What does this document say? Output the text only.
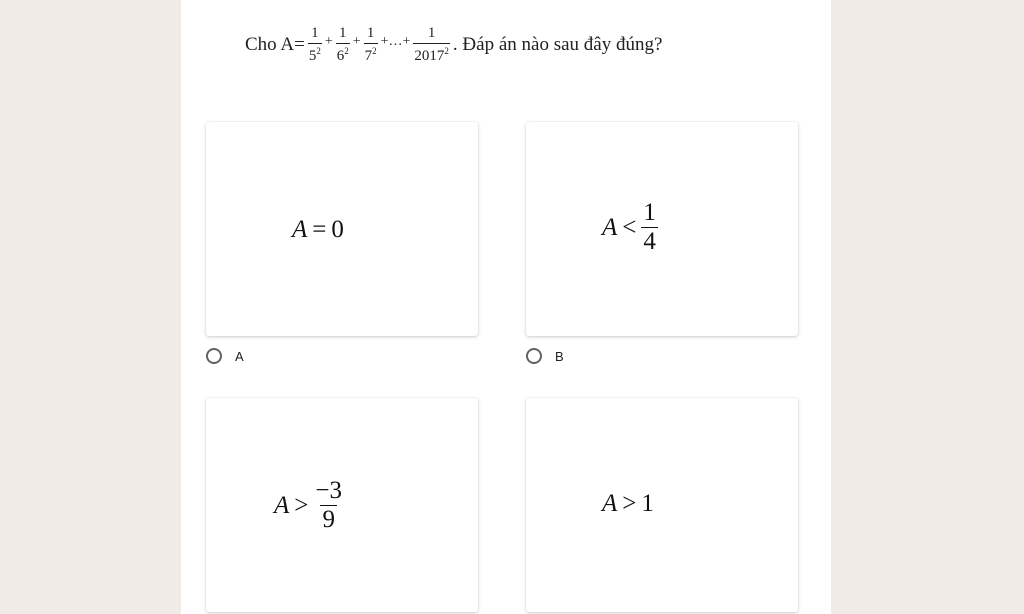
Cho $A= \frac{1}{5^2} + \frac{1}{6^2} + \frac{1}{7^2}$ +…+ $\frac{1}{2017^2}$ . Đáp án nào sau đây đúng?
A = 0
A
$A < \frac{1}{4}$
B
$A > \frac{-3}{9}$	A > 1
